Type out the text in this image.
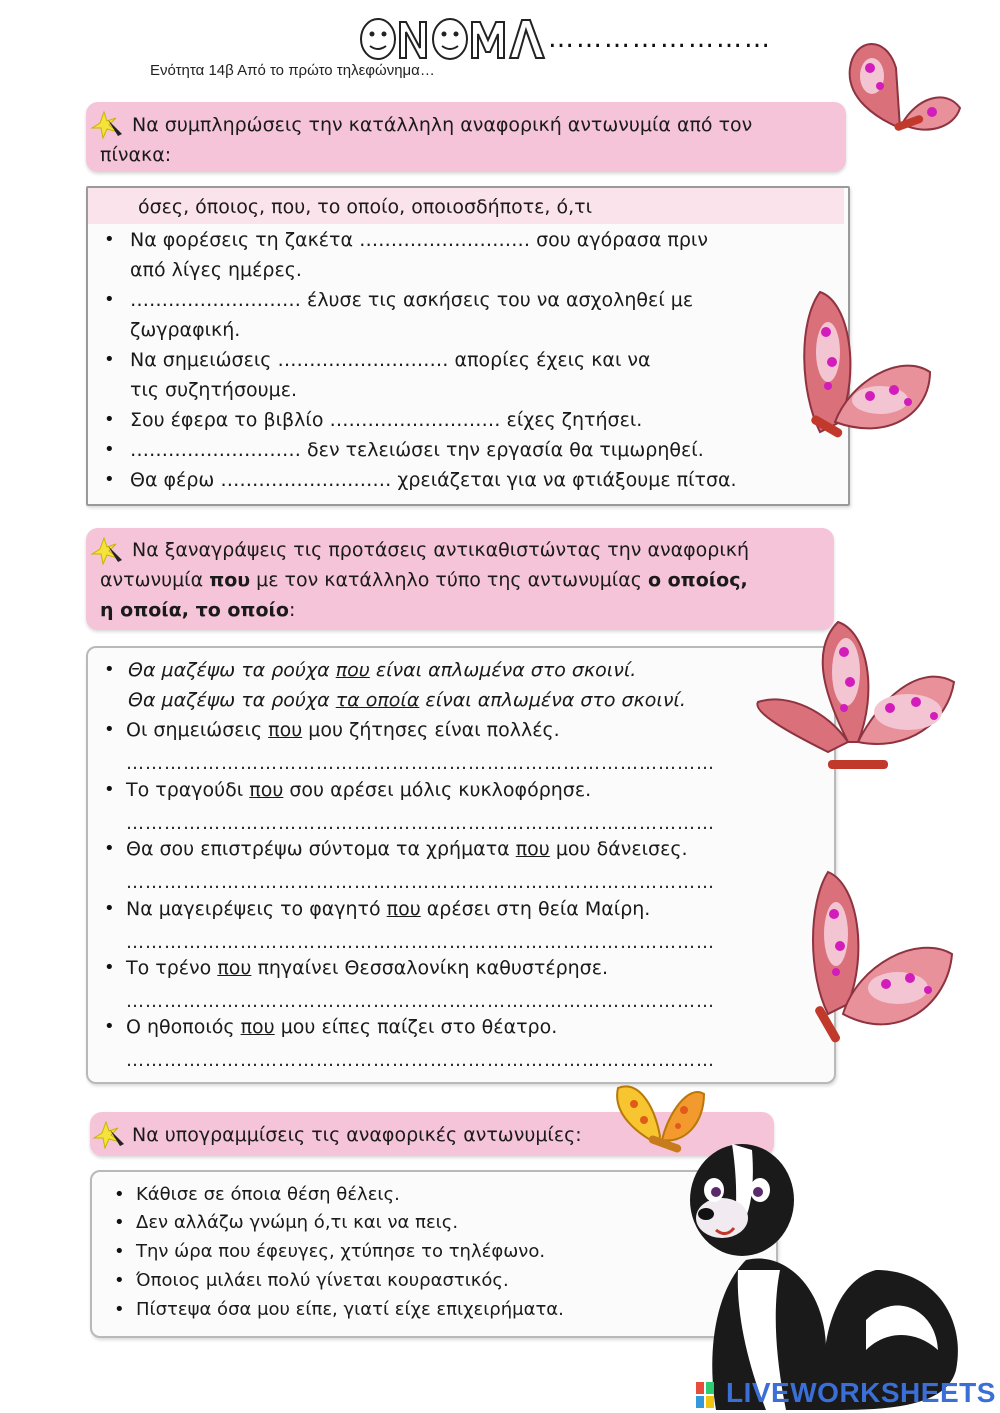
……………………
Ενότητα 14β Από το πρώτο τηλεφώνημα…
Να συμπληρώσεις την κατάλληλη αναφορική αντωνυμία από τον
πίνακα:
όσες, όποιος, που, το οποίο, οποιοσδήποτε, ό,τι
• Να φορέσεις τη ζακέτα ……………………… σου αγόρασα πριν
από λίγες ημέρες.
• ……………………… έλυσε τις ασκήσεις του να ασχοληθεί με
ζωγραφική.
• Να σημειώσεις ……………………… απορίες έχεις και να
τις συζητήσουμε.
• Σου έφερα το βιβλίο ……………………… είχες ζητήσει.
• ……………………… δεν τελειώσει την εργασία θα τιμωρηθεί.
• Θα φέρω ……………………… χρειάζεται για να φτιάξουμε πίτσα.
Να ξαναγράψεις τις προτάσεις αντικαθιστώντας την αναφορική
αντωνυμία που με τον κατάλληλο τύπο της αντωνυμίας ο οποίος,
η οποία, το οποίο:
• Θα μαζέψω τα ρούχα που είναι απλωμένα στο σκοινί.
Θα μαζέψω τα ρούχα τα οποία είναι απλωμένα στο σκοινί.
• Οι σημειώσεις που μου ζήτησες είναι πολλές.
…………………………………………………………………………………
• Το τραγούδι που σου αρέσει μόλις κυκλοφόρησε.
…………………………………………………………………………………
• Θα σου επιστρέψω σύντομα τα χρήματα που μου δάνεισες.
…………………………………………………………………………………
• Να μαγειρέψεις το φαγητό που αρέσει στη θεία Μαίρη.
…………………………………………………………………………………
• Το τρένο που πηγαίνει Θεσσαλονίκη καθυστέρησε.
…………………………………………………………………………………
• Ο ηθοποιός που μου είπες παίζει στο θέατρο.
…………………………………………………………………………………
Να υπογραμμίσεις τις αναφορικές αντωνυμίες:
• Κάθισε σε όποια θέση θέλεις.
• Δεν αλλάζω γνώμη ό,τι και να πεις.
• Την ώρα που έφευγες, χτύπησε το τηλέφωνο.
• Όποιος μιλάει πολύ γίνεται κουραστικός.
• Πίστεψα όσα μου είπε, γιατί είχε επιχειρήματα.
LIVEWORKSHEETS
